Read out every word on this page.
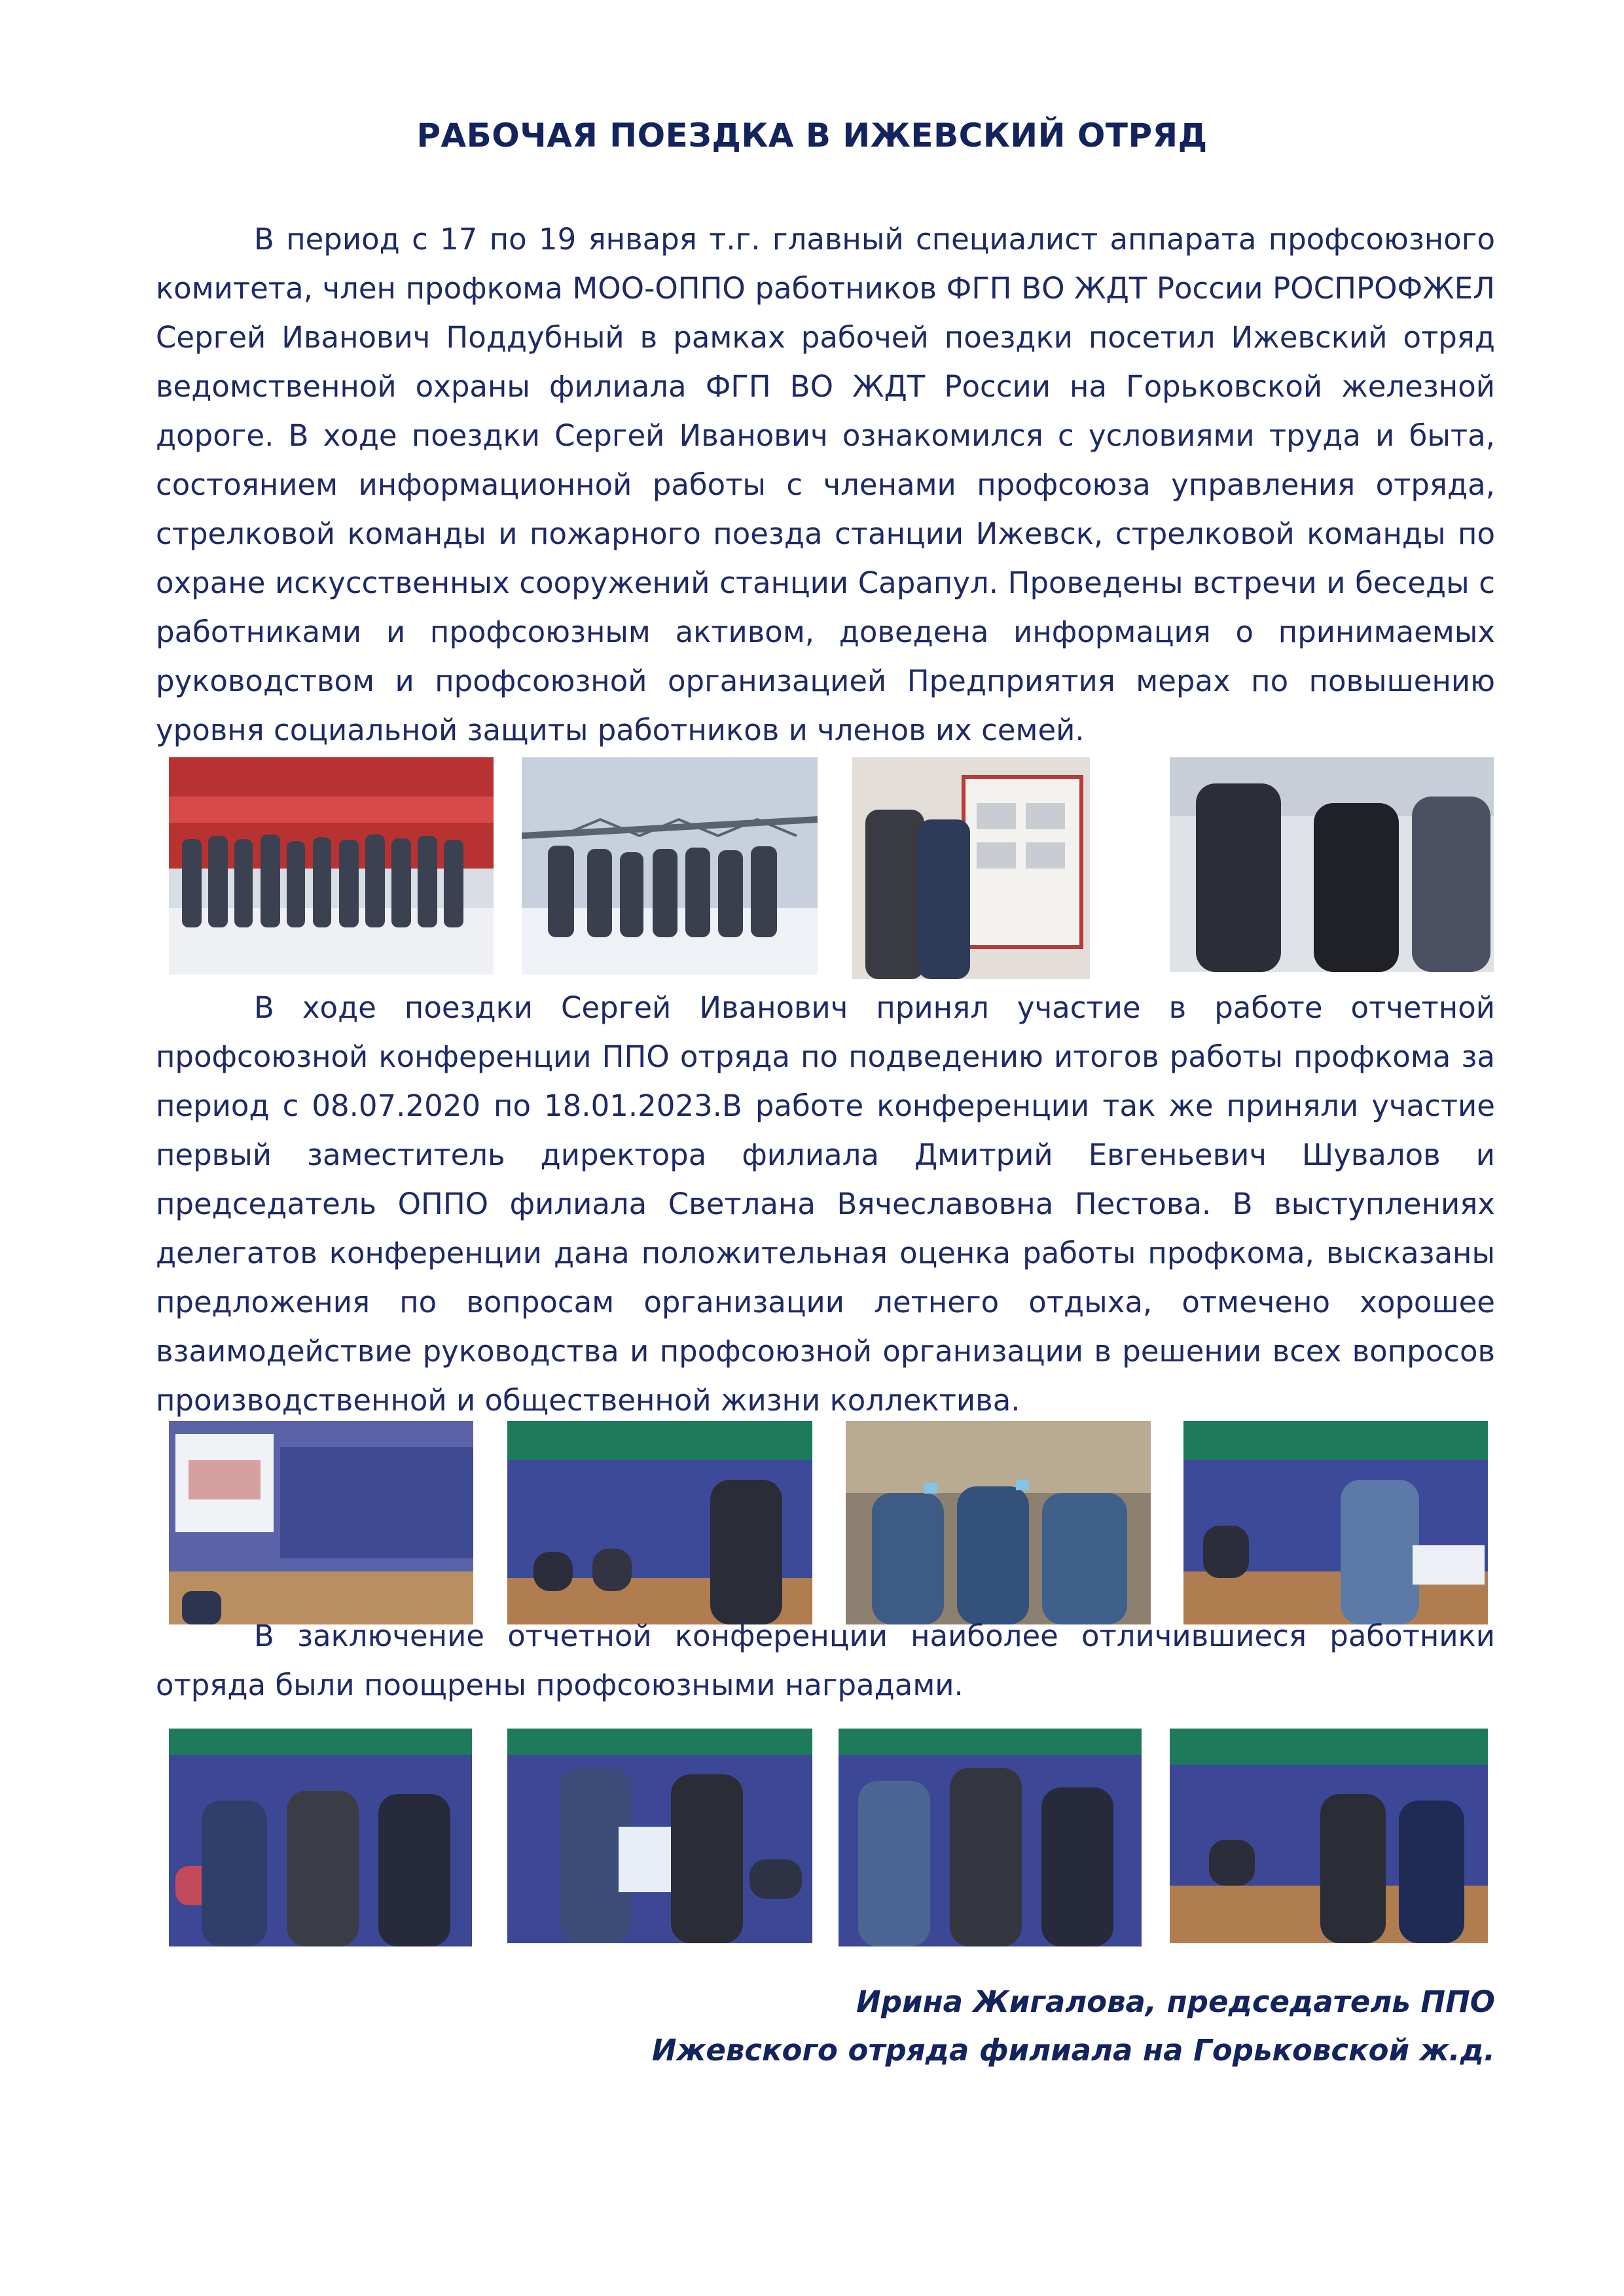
РАБОЧАЯ ПОЕЗДКА В ИЖЕВСКИЙ ОТРЯД

В период с 17 по 19 января т.г. главный специалист аппарата профсоюзного комитета, член профкома МОО-ОППО работников ФГП ВО ЖДТ России РОСПРОФЖЕЛ Сергей Иванович Поддубный в рамках рабочей поездки посетил Ижевский отряд ведомственной охраны филиала ФГП ВО ЖДТ России на Горьковской железной дороге. В ходе поездки Сергей Иванович ознакомился с условиями труда и быта, состоянием информационной работы с членами профсоюза управления отряда, стрелковой команды и пожарного поезда станции Ижевск, стрелковой команды по охране искусственных сооружений станции Сарапул. Проведены встречи и беседы с работниками и профсоюзным активом, доведена информация о принимаемых руководством и профсоюзной организацией Предприятия мерах по повышению уровня социальной защиты работников и членов их семей.

В ходе поездки Сергей Иванович принял участие в работе отчетной профсоюзной конференции ППО отряда по подведению итогов работы профкома за период с 08.07.2020 по 18.01.2023.В работе конференции так же приняли участие первый заместитель директора филиала Дмитрий Евгеньевич Шувалов и председатель ОППО филиала Светлана Вячеславовна Пестова. В выступлениях делегатов конференции дана положительная оценка работы профкома, высказаны предложения по вопросам организации летнего отдыха, отмечено хорошее взаимодействие руководства и профсоюзной организации в решении всех вопросов производственной и общественной жизни коллектива.

В заключение отчетной конференции наиболее отличившиеся работники отряда были поощрены профсоюзными наградами.

Ирина Жигалова, председатель ППО
Ижевского отряда филиала на Горьковской ж.д.
